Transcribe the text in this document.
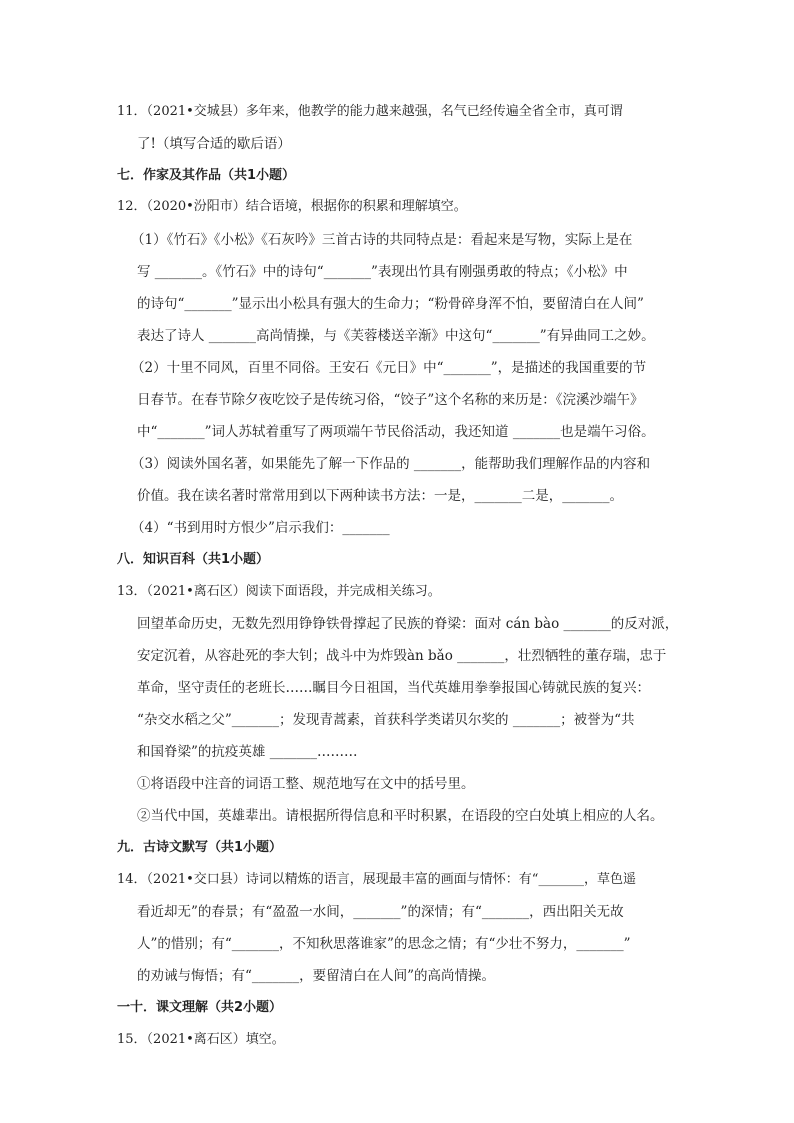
11．（2021•交城县）多年来，他教学的能力越来越强，名气已经传遍全省全市，真可谓
了!（填写合适的歇后语）
七．作家及其作品（共1小题）
12．（2020•汾阳市）结合语境，根据你的积累和理解填空。
（1）《竹石》《小松》《石灰吟》三首古诗的共同特点是：看起来是写物，实际上是在
写 _______。《竹石》中的诗句“_______”表现出竹具有刚强勇敢的特点；《小松》中
的诗句“_______”显示出小松具有强大的生命力；“粉骨碎身浑不怕，要留清白在人间”
表达了诗人 _______高尚情操，与《芙蓉楼送辛渐》中这句“_______”有异曲同工之妙。
（2）十里不同风，百里不同俗。王安石《元日》中“_______”，是描述的我国重要的节
日春节。在春节除夕夜吃饺子是传统习俗，“饺子”这个名称的来历是：《浣溪沙端午》
中“_______”词人苏轼着重写了两项端午节民俗活动，我还知道 _______也是端午习俗。
（3）阅读外国名著，如果能先了解一下作品的 _______，能帮助我们理解作品的内容和
价值。我在读名著时常常用到以下两种读书方法：一是，_______二是，_______。
（4）“书到用时方恨少”启示我们：_______
八．知识百科（共1小题）
13．（2021•离石区）阅读下面语段，并完成相关练习。
回望革命历史，无数先烈用铮铮铁骨撑起了民族的脊梁：面对 cán bào _______的反对派，
安定沉着，从容赴死的李大钊；战斗中为炸毁àn bǎo _______，壮烈牺牲的董存瑞，忠于
革命，坚守责任的老班长……瞩目今日祖国，当代英雄用拳拳报国心铸就民族的复兴：
“杂交水稻之父”_______；发现青蒿素，首获科学类诺贝尔奖的 _______；被誉为“共
和国脊梁”的抗疫英雄 _______………
①将语段中注音的词语工整、规范地写在文中的括号里。
②当代中国，英雄辈出。请根据所得信息和平时积累，在语段的空白处填上相应的人名。
九．古诗文默写（共1小题）
14．（2021•交口县）诗词以精炼的语言，展现最丰富的画面与情怀：有“_______，草色遥
看近却无”的春景；有“盈盈一水间，_______”的深情；有“_______，西出阳关无故
人”的惜别；有“_______，不知秋思落谁家”的思念之情；有“少壮不努力，_______”
的劝诫与悔悟；有“_______，要留清白在人间”的高尚情操。
一十．课文理解（共2小题）
15．（2021•离石区）填空。
